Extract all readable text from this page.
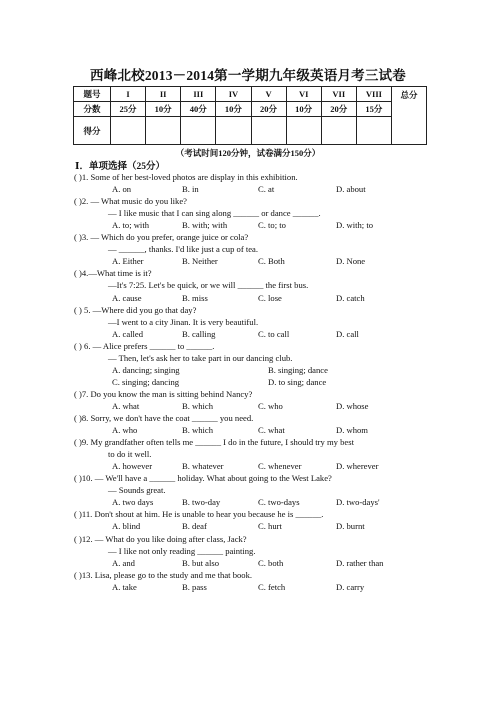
西峰北校2013－2014第一学期九年级英语月考三试卷
题号	I	II	III	IV	V	VI	VII	VIII	总分
分数	25分	10分	40分	10分	20分	10分	20分	15分	
得分									
（考试时间120分钟，试卷满分150分）
Ⅰ．单项选择（25分）
( )1. Some of her best-loved photos are display in this exhibition.
A. on	B. in	C. at	D. about
( )2. — What music do you like?
— I like music that I can sing along ______ or dance ______.
A. to; with	B. with; with	C. to; to	D. with; to
( )3. — Which do you prefer, orange juice or cola?
— ______, thanks. I'd like just a cup of tea.
A. Either	B. Neither	C. Both	D. None
( )4.—What time is it?
—It's 7:25. Let's be quick, or we will ______ the first bus.
A. cause	B. miss	C. lose	D. catch
( ) 5. —Where did you go that day?
—I went to a city Jinan. It is very beautiful.
A. called	B. calling	C. to call	D. call
( ) 6. — Alice prefers ______ to ______.
— Then, let's ask her to take part in our dancing club.
A. dancing; singing	B. singing; dance
C. singing; dancing	D. to sing; dance
( )7. Do you know the man is sitting behind Nancy?
A. what	B. which	C. who	D. whose
( )8. Sorry, we don't have the coat ______ you need.
A. who	B. which	C. what	D. whom
( )9. My grandfather often tells me ______ I do in the future, I should try my best
to do it well.
A. however	B. whatever	C. whenever	D. wherever
( )10. — We'll have a ______ holiday. What about going to the West Lake?
— Sounds great.
A. two days	B. two-day	C. two-days	D. two-days'
( )11. Don't shout at him. He is unable to hear you because he is ______.
A. blind	B. deaf	C. hurt	D. burnt
( )12. — What do you like doing after class, Jack?
— I like not only reading ______ painting.
A. and	B. but also	C. both	D. rather than
( )13. Lisa, please go to the study and me that book.
A. take	B. pass	C. fetch	D. carry
